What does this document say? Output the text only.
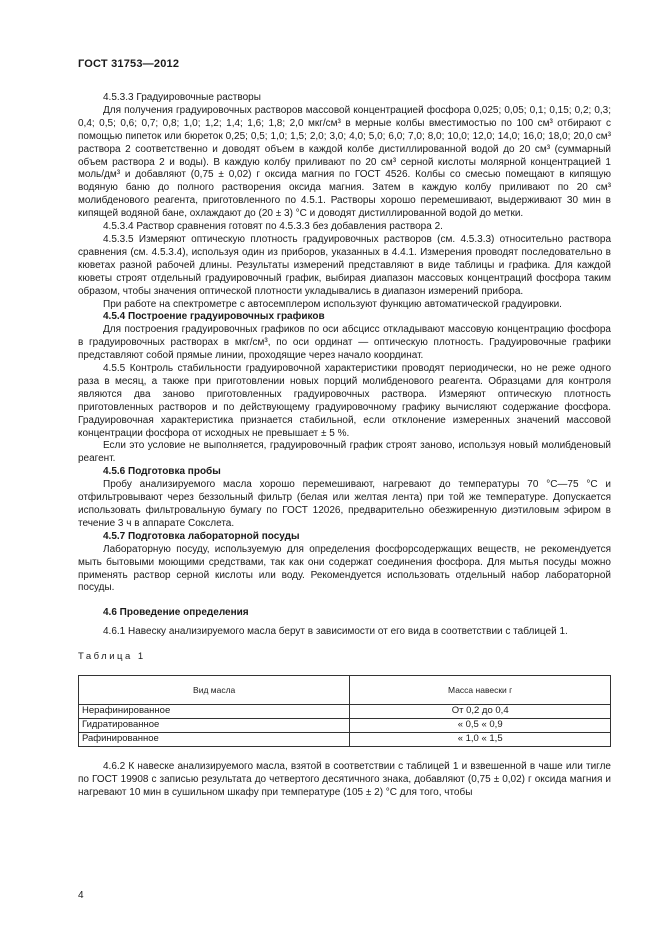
ГОСТ 31753—2012

4.5.3.3 Градуировочные растворы

Для получения градуировочных растворов массовой концентрацией фосфора 0,025; 0,05; 0,1; 0,15; 0,2; 0,3; 0,4; 0,5; 0,6; 0,7; 0,8; 1,0; 1,2; 1,4; 1,6; 1,8; 2,0 мкг/см³ в мерные колбы вместимостью по 100 см³ отбирают с помощью пипеток или бюреток 0,25; 0,5; 1,0; 1,5; 2,0; 3,0; 4,0; 5,0; 6,0; 7,0; 8,0; 10,0; 12,0; 14,0; 16,0; 18,0; 20,0 см³ раствора 2 соответственно и доводят объем в каждой колбе дистиллированной водой до 20 см³ (суммарный объем раствора 2 и воды). В каждую колбу приливают по 20 см³ серной кислоты молярной концентрацией 1 моль/дм³ и добавляют (0,75 ± 0,02) г оксида магния по ГОСТ 4526. Колбы со смесью помещают в кипящую водяную баню до полного растворения оксида магния. Затем в каждую колбу приливают по 20 см³ молибденового реагента, приготовленного по 4.5.1. Растворы хорошо перемешивают, выдерживают 30 мин в кипящей водяной бане, охлаждают до (20 ± 3) °С и доводят дистиллированной водой до метки.

4.5.3.4 Раствор сравнения готовят по 4.5.3.3 без добавления раствора 2.

4.5.3.5 Измеряют оптическую плотность градуировочных растворов (см. 4.5.3.3) относительно раствора сравнения (см. 4.5.3.4), используя один из приборов, указанных в 4.4.1. Измерения проводят последовательно в кюветах разной рабочей длины. Результаты измерений представляют в виде таблицы и графика. Для каждой кюветы строят отдельный градуировочный график, выбирая диапазон массовых концентраций фосфора таким образом, чтобы значения оптической плотности укладывались в диапазон измерений прибора.

При работе на спектрометре с автосемплером используют функцию автоматической градуировки.

4.5.4 Построение градуировочных графиков

Для построения градуировочных графиков по оси абсцисс откладывают массовую концентрацию фосфора в градуировочных растворах в мкг/см³, по оси ординат — оптическую плотность. Градуировочные графики представляют собой прямые линии, проходящие через начало координат.

4.5.5 Контроль стабильности градуировочной характеристики проводят периодически, но не реже одного раза в месяц, а также при приготовлении новых порций молибденового реагента. Образцами для контроля являются два заново приготовленных градуировочных раствора. Измеряют оптическую плотность приготовленных растворов и по действующему градуировочному графику вычисляют содержание фосфора. Градуировочная характеристика признается стабильной, если отклонение измеренных значений массовой концентрации фосфора от исходных не превышает ± 5 %.

Если это условие не выполняется, градуировочный график строят заново, используя новый молибденовый реагент.

4.5.6 Подготовка пробы

Пробу анализируемого масла хорошо перемешивают, нагревают до температуры 70 °С—75 °С и отфильтровывают через беззольный фильтр (белая или желтая лента) при той же температуре. Допускается использовать фильтровальную бумагу по ГОСТ 12026, предварительно обезжиренную диэтиловым эфиром в течение 3 ч в аппарате Сокслета.

4.5.7 Подготовка лабораторной посуды

Лабораторную посуду, используемую для определения фосфорсодержащих веществ, не рекомендуется мыть бытовыми моющими средствами, так как они содержат соединения фосфора. Для мытья посуды можно применять раствор серной кислоты или воду. Рекомендуется использовать отдельный набор лабораторной посуды.

4.6 Проведение определения

4.6.1 Навеску анализируемого масла берут в зависимости от его вида в соответствии с таблицей 1.

Таблица 1
Вид масла	Масса навески г
Нерафинированное	От 0,2 до 0,4
Гидратированное	« 0,5 « 0,9
Рафинированное	« 1,0 « 1,5

4.6.2 К навеске анализируемого масла, взятой в соответствии с таблицей 1 и взвешенной в чаше или тигле по ГОСТ 19908 с записью результата до четвертого десятичного знака, добавляют (0,75 ± 0,02) г оксида магния и нагревают 10 мин в сушильном шкафу при температуре (105 ± 2) °С для того, чтобы

4
